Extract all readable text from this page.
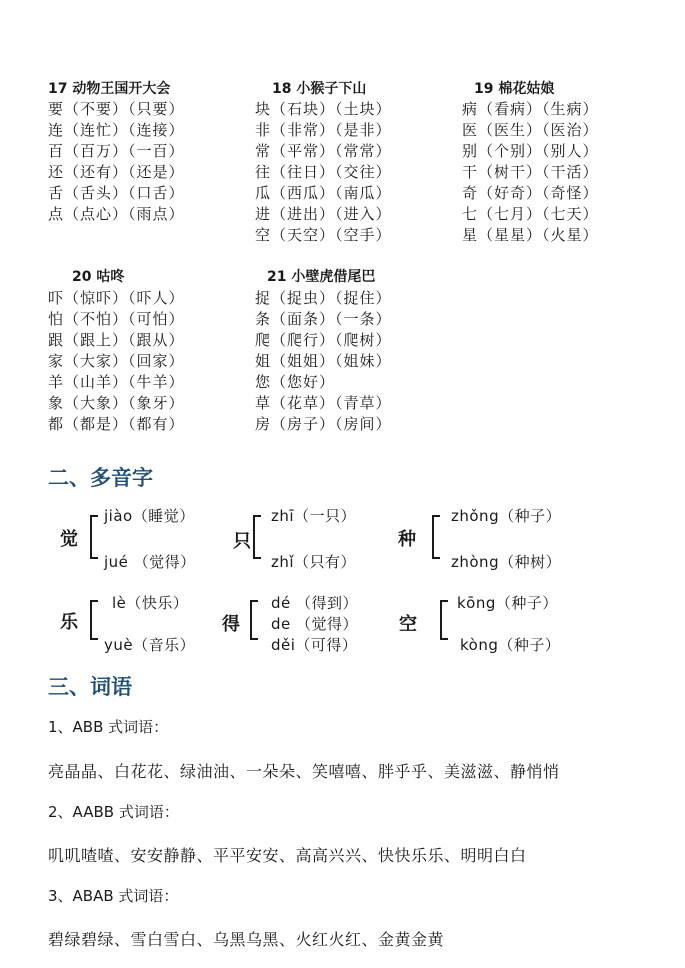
17 动物王国开大会
要（不要）（只要）
连（连忙）（连接）
百（百万）（一百）
还（还有）（还是）
舌（舌头）（口舌）
点（点心）（雨点）
18 小猴子下山
块（石块）（土块）
非（非常）（是非）
常（平常）（常常）
往（往日）（交往）
瓜（西瓜）（南瓜）
进（进出）（进入）
空（天空）（空手）
19 棉花姑娘
病（看病）（生病）
医（医生）（医治）
别（个别）（别人）
干（树干）（干活）
奇（好奇）（奇怪）
七（七月）（七天）
星（星星）（火星）
20 咕咚
吓（惊吓）（吓人）
怕（不怕）（可怕）
跟（跟上）（跟从）
家（大家）（回家）
羊（山羊）（牛羊）
象（大象）（象牙）
都（都是）（都有）
21 小壁虎借尾巴
捉（捉虫）（捉住）
条（面条）（一条）
爬（爬行）（爬树）
姐（姐姐）（姐妹）
您（您好）
草（花草）（青草）
房（房子）（房间）
二、多音字
觉
jiào（睡觉）
jué （觉得）
只
zhī（一只）
zhǐ（只有）
种
zhǒng（种子）
zhòng（种树）
乐
lè（快乐）
yuè（音乐）
得
dé （得到）
de （觉得）
děi（可得）
空
kōng（种子）
kòng（种子）
三、词语
1、ABB 式词语：
亮晶晶、白花花、绿油油、一朵朵、笑嘻嘻、胖乎乎、美滋滋、静悄悄
2、AABB 式词语：
叽叽喳喳、安安静静、平平安安、高高兴兴、快快乐乐、明明白白
3、ABAB 式词语：
碧绿碧绿、雪白雪白、乌黑乌黑、火红火红、金黄金黄
